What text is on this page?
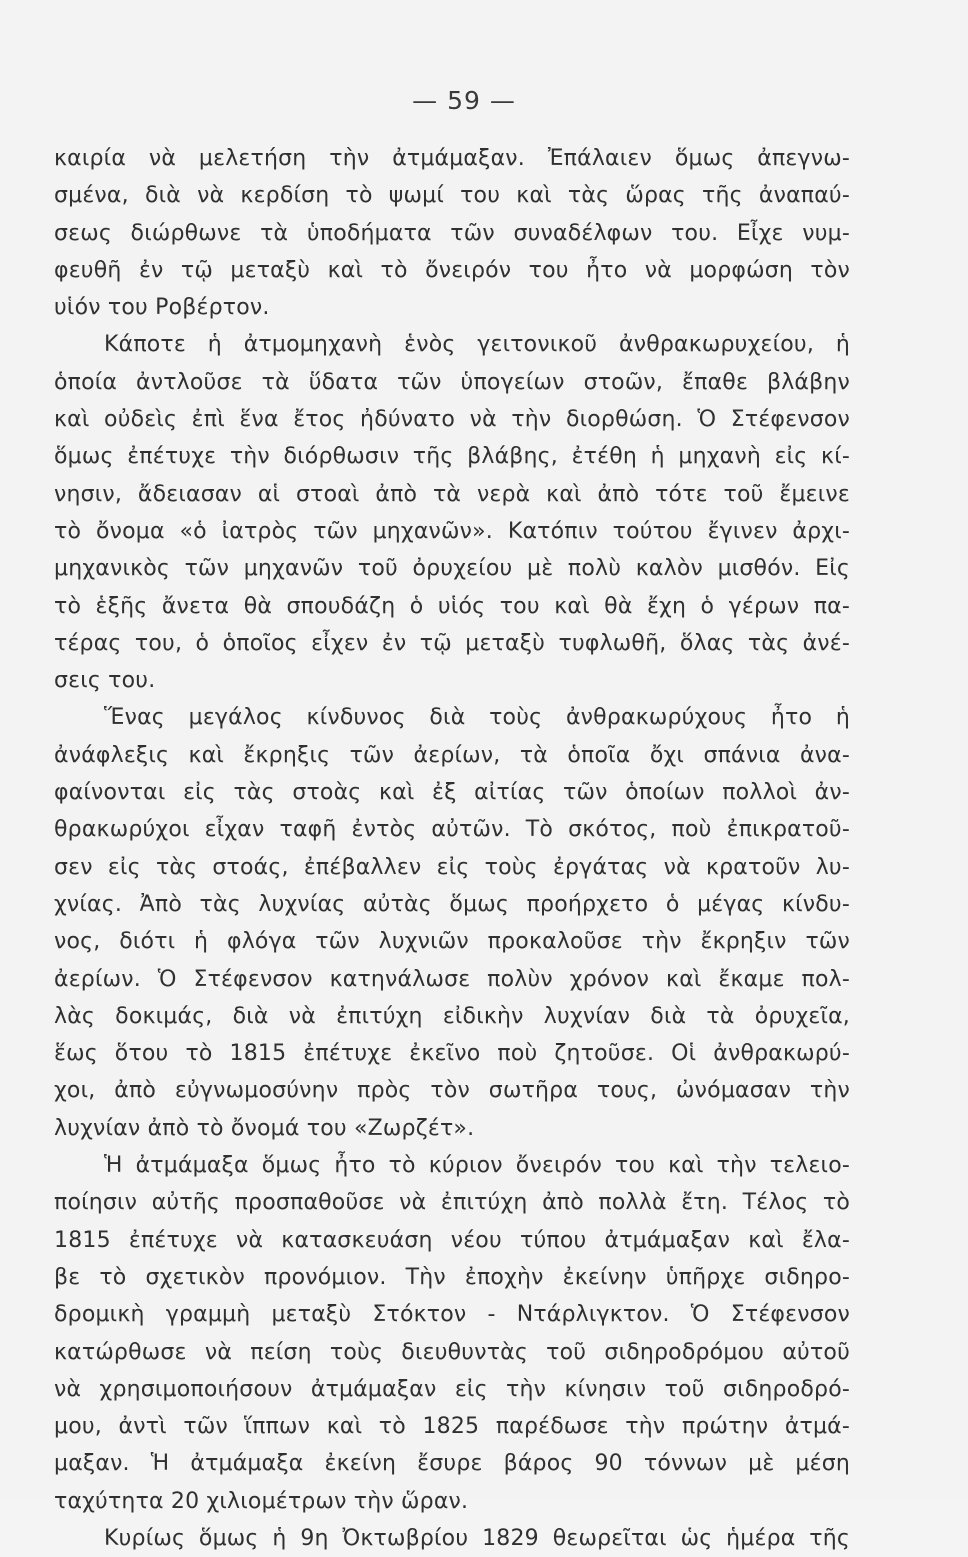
— 59 —
καιρία νὰ μελετήση τὴν ἀτμάμαξαν. Ἐπάλαιεν ὅμως ἀπεγνω-
σμένα, διὰ νὰ κερδίση τὸ ψωμί του καὶ τὰς ὥρας τῆς ἀναπαύ-
σεως διώρθωνε τὰ ὑποδήματα τῶν συναδέλφων του. Εἶχε νυμ-
φευθῆ ἐν τῷ μεταξὺ καὶ τὸ ὄνειρόν του ἦτο νὰ μορφώση τὸν
υἱόν του Ροβέρτον.
Κάποτε ἡ ἀτμομηχανὴ ἑνὸς γειτονικοῦ ἀνθρακωρυχείου, ἡ
ὁποία ἀντλοῦσε τὰ ὕδατα τῶν ὑπογείων στοῶν, ἔπαθε βλάβην
καὶ οὐδεὶς ἐπὶ ἕνα ἔτος ἠδύνατο νὰ τὴν διορθώση. Ὁ Στέφενσον
ὅμως ἐπέτυχε τὴν διόρθωσιν τῆς βλάβης, ἐτέθη ἡ μηχανὴ εἰς κί-
νησιν, ἄδειασαν αἱ στοαὶ ἀπὸ τὰ νερὰ καὶ ἀπὸ τότε τοῦ ἔμεινε
τὸ ὄνομα «ὁ ἰατρὸς τῶν μηχανῶν». Κατόπιν τούτου ἔγινεν ἀρχι-
μηχανικὸς τῶν μηχανῶν τοῦ ὀρυχείου μὲ πολὺ καλὸν μισθόν. Εἰς
τὸ ἑξῆς ἄνετα θὰ σπουδάζη ὁ υἱός του καὶ θὰ ἔχη ὁ γέρων πα-
τέρας του, ὁ ὁποῖος εἶχεν ἐν τῷ μεταξὺ τυφλωθῆ, ὅλας τὰς ἀνέ-
σεις του.
Ἕνας μεγάλος κίνδυνος διὰ τοὺς ἀνθρακωρύχους ἦτο ἡ
ἀνάφλεξις καὶ ἔκρηξις τῶν ἀερίων, τὰ ὁποῖα ὄχι σπάνια ἀνα-
φαίνονται εἰς τὰς στοὰς καὶ ἐξ αἰτίας τῶν ὁποίων πολλοὶ ἀν-
θρακωρύχοι εἶχαν ταφῆ ἐντὸς αὐτῶν. Τὸ σκότος, ποὺ ἐπικρατοῦ-
σεν εἰς τὰς στοάς, ἐπέβαλλεν εἰς τοὺς ἐργάτας νὰ κρατοῦν λυ-
χνίας. Ἀπὸ τὰς λυχνίας αὐτὰς ὅμως προήρχετο ὁ μέγας κίνδυ-
νος, διότι ἡ φλόγα τῶν λυχνιῶν προκαλοῦσε τὴν ἔκρηξιν τῶν
ἀερίων. Ὁ Στέφενσον κατηνάλωσε πολὺν χρόνον καὶ ἔκαμε πολ-
λὰς δοκιμάς, διὰ νὰ ἐπιτύχη εἰδικὴν λυχνίαν διὰ τὰ ὀρυχεῖα,
ἕως ὅτου τὸ 1815 ἐπέτυχε ἐκεῖνο ποὺ ζητοῦσε. Οἱ ἀνθρακωρύ-
χοι, ἀπὸ εὐγνωμοσύνην πρὸς τὸν σωτῆρα τους, ὠνόμασαν τὴν
λυχνίαν ἀπὸ τὸ ὄνομά του «Ζωρζέτ».
Ἡ ἀτμάμαξα ὅμως ἦτο τὸ κύριον ὄνειρόν του καὶ τὴν τελειο-
ποίησιν αὐτῆς προσπαθοῦσε νὰ ἐπιτύχη ἀπὸ πολλὰ ἔτη. Τέλος τὸ
1815 ἐπέτυχε νὰ κατασκευάση νέου τύπου ἀτμάμαξαν καὶ ἔλα-
βε τὸ σχετικὸν προνόμιον. Τὴν ἐποχὴν ἐκείνην ὑπῆρχε σιδηρο-
δρομικὴ γραμμὴ μεταξὺ Στόκτον - Ντάρλιγκτον. Ὁ Στέφενσον
κατώρθωσε νὰ πείση τοὺς διευθυντὰς τοῦ σιδηροδρόμου αὐτοῦ
νὰ χρησιμοποιήσουν ἀτμάμαξαν εἰς τὴν κίνησιν τοῦ σιδηροδρό-
μου, ἀντὶ τῶν ἵππων καὶ τὸ 1825 παρέδωσε τὴν πρώτην ἀτμά-
μαξαν. Ἡ ἀτμάμαξα ἐκείνη ἔσυρε βάρος 90 τόννων μὲ μέση
ταχύτητα 20 χιλιομέτρων τὴν ὥραν.
Κυρίως ὅμως ἡ 9η Ὀκτωβρίου 1829 θεωρεῖται ὡς ἡμέρα τῆς
